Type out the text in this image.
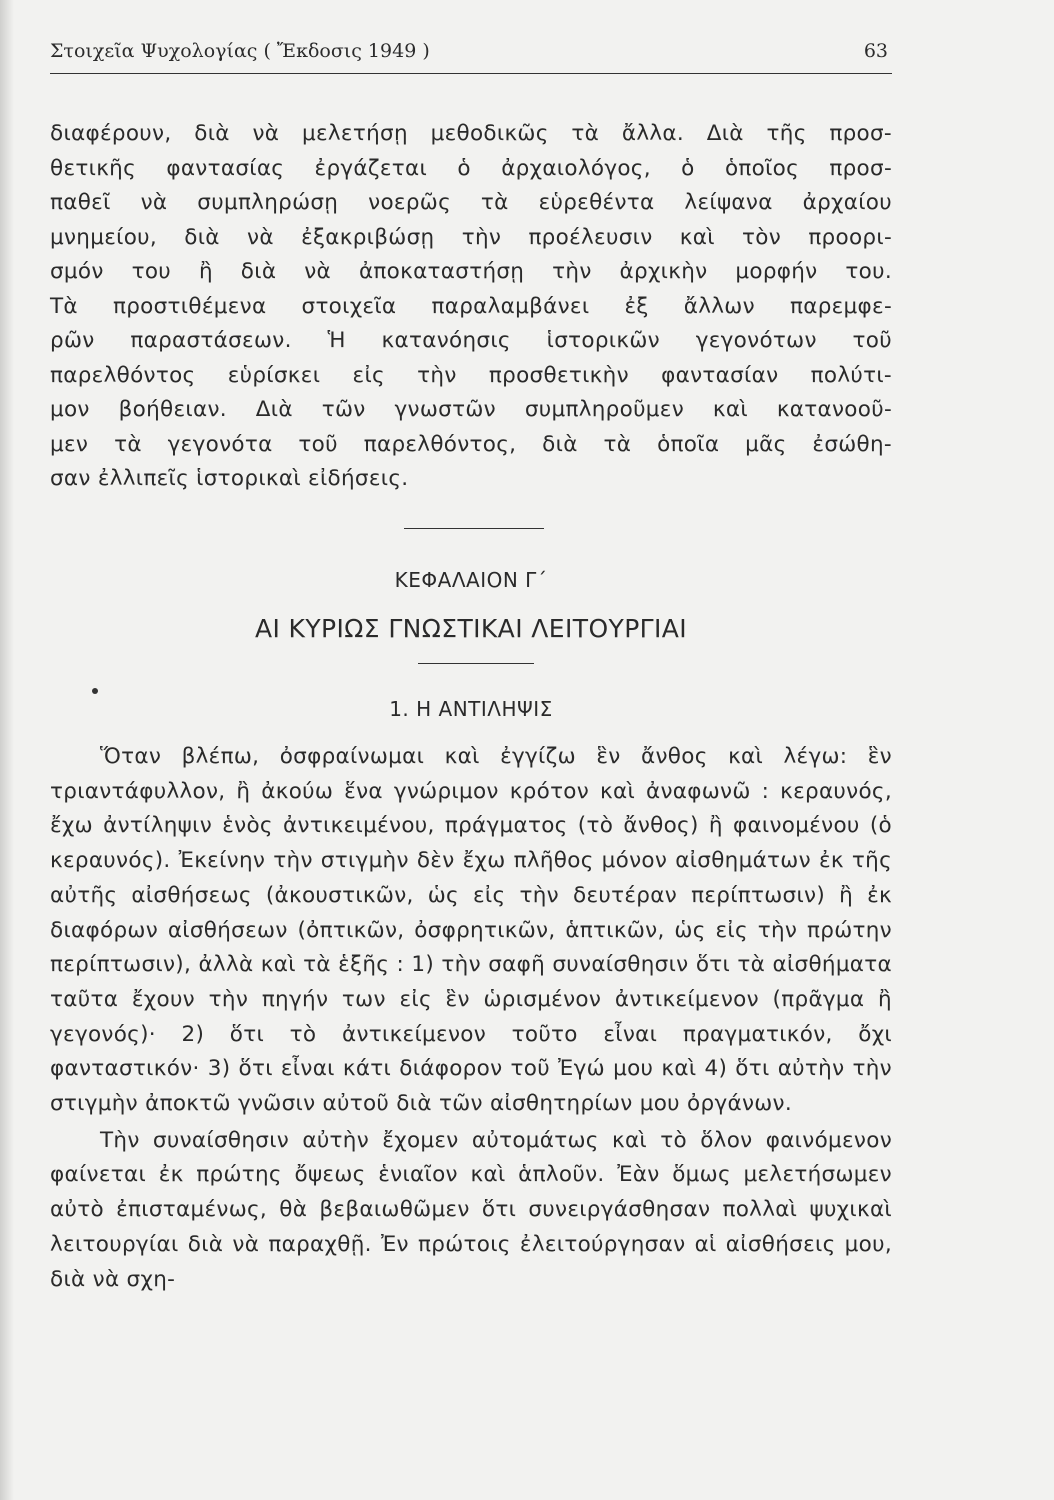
Στοιχεῖα Ψυχολογίας ( Ἔκδοσις 1949 )	63
διαφέρουν, διὰ νὰ μελετήσῃ μεθοδικῶς τὰ ἄλλα. Διὰ τῆς προσ-
θετικῆς φαντασίας ἐργάζεται ὁ ἀρχαιολόγος, ὁ ὁποῖος προσ-
παθεῖ νὰ συμπληρώσῃ νοερῶς τὰ εὑρεθέντα λείψανα ἀρχαίου
μνημείου, διὰ νὰ ἐξακριβώσῃ τὴν προέλευσιν καὶ τὸν προορι-
σμόν του ἢ διὰ νὰ ἀποκαταστήσῃ τὴν ἀρχικὴν μορφήν του.
Τὰ προστιθέμενα στοιχεῖα παραλαμβάνει ἐξ ἄλλων παρεμφε-
ρῶν παραστάσεων. Ἡ κατανόησις ἱστορικῶν γεγονότων τοῦ
παρελθόντος εὑρίσκει εἰς τὴν προσθετικὴν φαντασίαν πολύτι-
μον βοήθειαν. Διὰ τῶν γνωστῶν συμπληροῦμεν καὶ κατανοοῦ-
μεν τὰ γεγονότα τοῦ παρελθόντος, διὰ τὰ ὁποῖα μᾶς ἐσώθη-
σαν ἐλλιπεῖς ἱστορικαὶ εἰδήσεις.
ΚΕΦΑΛΑΙΟΝ Γ΄
ΑΙ ΚΥΡΙΩΣ ΓΝΩΣΤΙΚΑΙ ΛΕΙΤΟΥΡΓΙΑΙ
1. Η ΑΝΤΙΛΗΨΙΣ

Ὅταν βλέπω, ὀσφραίνωμαι καὶ ἐγγίζω ἓν ἄνθος καὶ λέγω: ἓν τριαντάφυλλον, ἢ ἀκούω ἕνα γνώριμον κρότον καὶ ἀναφωνῶ : κεραυνός, ἔχω ἀντίληψιν ἑνὸς ἀντικειμένου, πράγματος (τὸ ἄνθος) ἢ φαινομένου (ὁ κεραυνός). Ἐκείνην τὴν στιγμὴν δὲν ἔχω πλῆθος μόνον αἰσθημάτων ἐκ τῆς αὐτῆς αἰσθήσεως (ἀκουστικῶν, ὡς εἰς τὴν δευτέραν περίπτωσιν) ἢ ἐκ διαφόρων αἰσθήσεων (ὀπτικῶν, ὀσφρητικῶν, ἁπτικῶν, ὡς εἰς τὴν πρώτην περίπτωσιν), ἀλλὰ καὶ τὰ ἑξῆς : 1) τὴν σαφῆ συναίσθησιν ὅτι τὰ αἰσθήματα ταῦτα ἔχουν τὴν πηγήν των εἰς ἓν ὡρισμένον ἀντικείμενον (πρᾶγμα ἢ γεγονός)· 2) ὅτι τὸ ἀντικείμενον τοῦτο εἶναι πραγματικόν, ὄχι φανταστικόν· 3) ὅτι εἶναι κάτι διάφορον τοῦ Ἐγώ μου καὶ 4) ὅτι αὐτὴν τὴν στιγμὴν ἀποκτῶ γνῶσιν αὐτοῦ διὰ τῶν αἰσθητηρίων μου ὀργάνων.

Τὴν συναίσθησιν αὐτὴν ἔχομεν αὐτομάτως καὶ τὸ ὅλον φαινόμενον φαίνεται ἐκ πρώτης ὄψεως ἑνιαῖον καὶ ἁπλοῦν. Ἐὰν ὅμως μελετήσωμεν αὐτὸ ἐπισταμένως, θὰ βεβαιωθῶμεν ὅτι συνειργάσθησαν πολλαὶ ψυχικαὶ λειτουργίαι διὰ νὰ παραχθῇ. Ἐν πρώτοις ἐλειτούργησαν αἱ αἰσθήσεις μου, διὰ νὰ σχη-
